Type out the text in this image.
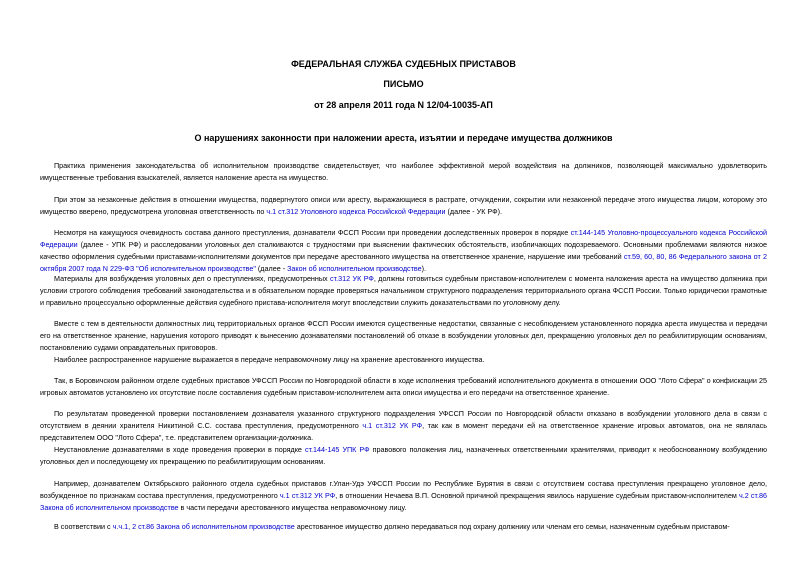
ФЕДЕРАЛЬНАЯ СЛУЖБА СУДЕБНЫХ ПРИСТАВОВ
ПИСЬМО
от 28 апреля 2011 года N 12/04-10035-АП
О нарушениях законности при наложении ареста, изъятии и передаче имущества должников

Практика применения законодательства об исполнительном производстве свидетельствует, что наиболее эффективной мерой воздействия на должников, позволяющей максимально удовлетворить имущественные требования взыскателей, является наложение ареста на имущество.

При этом за незаконные действия в отношении имущества, подвергнутого описи или аресту, выражающиеся в растрате, отчуждении, сокрытии или незаконной передаче этого имущества лицом, которому это имущество вверено, предусмотрена уголовная ответственность по ч.1 ст.312 Уголовного кодекса Российской Федерации (далее - УК РФ).

Несмотря на кажущуюся очевидность состава данного преступления, дознаватели ФССП России при проведении доследственных проверок в порядке ст.144-145 Уголовно-процессуального кодекса Российской Федерации (далее - УПК РФ) и расследовании уголовных дел сталкиваются с трудностями при выяснении фактических обстоятельств, изобличающих подозреваемого. Основными проблемами являются низкое качество оформления судебными приставами-исполнителями документов при передаче арестованного имущества на ответственное хранение, нарушение ими требований ст.59, 60, 80, 86 Федерального закона от 2 октября 2007 года N 229-ФЗ "Об исполнительном производстве" (далее - Закон об исполнительном производстве).

Материалы для возбуждения уголовных дел о преступлениях, предусмотренных ст.312 УК РФ, должны готовиться судебным приставом-исполнителем с момента наложения ареста на имущество должника при условии строгого соблюдения требований законодательства и в обязательном порядке проверяться начальником структурного подразделения территориального органа ФССП России. Только юридически грамотные и правильно процессуально оформленные действия судебного пристава-исполнителя могут впоследствии служить доказательствами по уголовному делу.

Вместе с тем в деятельности должностных лиц территориальных органов ФССП России имеются существенные недостатки, связанные с несоблюдением установленного порядка ареста имущества и передачи его на ответственное хранение, нарушения которого приводят к вынесению дознавателями постановлений об отказе в возбуждении уголовных дел, прекращению уголовных дел по реабилитирующим основаниям, постановлению судами оправдательных приговоров.

Наиболее распространенное нарушение выражается в передаче неправомочному лицу на хранение арестованного имущества.

Так, в Боровичском районном отделе судебных приставов УФССП России по Новгородской области в ходе исполнения требований исполнительного документа в отношении ООО "Лото Сфера" о конфискации 25 игровых автоматов установлено их отсутствие после составления судебным приставом-исполнителем акта описи имущества и его передачи на ответственное хранение.

По результатам проведенной проверки постановлением дознавателя указанного структурного подразделения УФССП России по Новгородской области отказано в возбуждении уголовного дела в связи с отсутствием в деянии хранителя Никитиной С.С. состава преступления, предусмотренного ч.1 ст.312 УК РФ, так как в момент передачи ей на ответственное хранение игровых автоматов, она не являлась представителем ООО "Лото Сфера", т.е. представителем организации-должника.

Неустановление дознавателями в ходе проведения проверки в порядке ст.144-145 УПК РФ правового положения лиц, назначенных ответственными хранителями, приводит к необоснованному возбуждению уголовных дел и последующему их прекращению по реабилитирующим основаниям.

Например, дознавателем Октябрьского районного отдела судебных приставов г.Улан-Удэ УФССП России по Республике Бурятия в связи с отсутствием состава преступления прекращено уголовное дело, возбужденное по признакам состава преступления, предусмотренного ч.1 ст.312 УК РФ, в отношении Нечаева В.П. Основной причиной прекращения явилось нарушение судебным приставом-исполнителем ч.2 ст.86 Закона об исполнительном производстве в части передачи арестованного имущества неправомочному лицу.

В соответствии с ч.ч.1, 2 ст.86 Закона об исполнительном производстве арестованное имущество должно передаваться под охрану должнику или членам его семьи, назначенным судебным приставом-
